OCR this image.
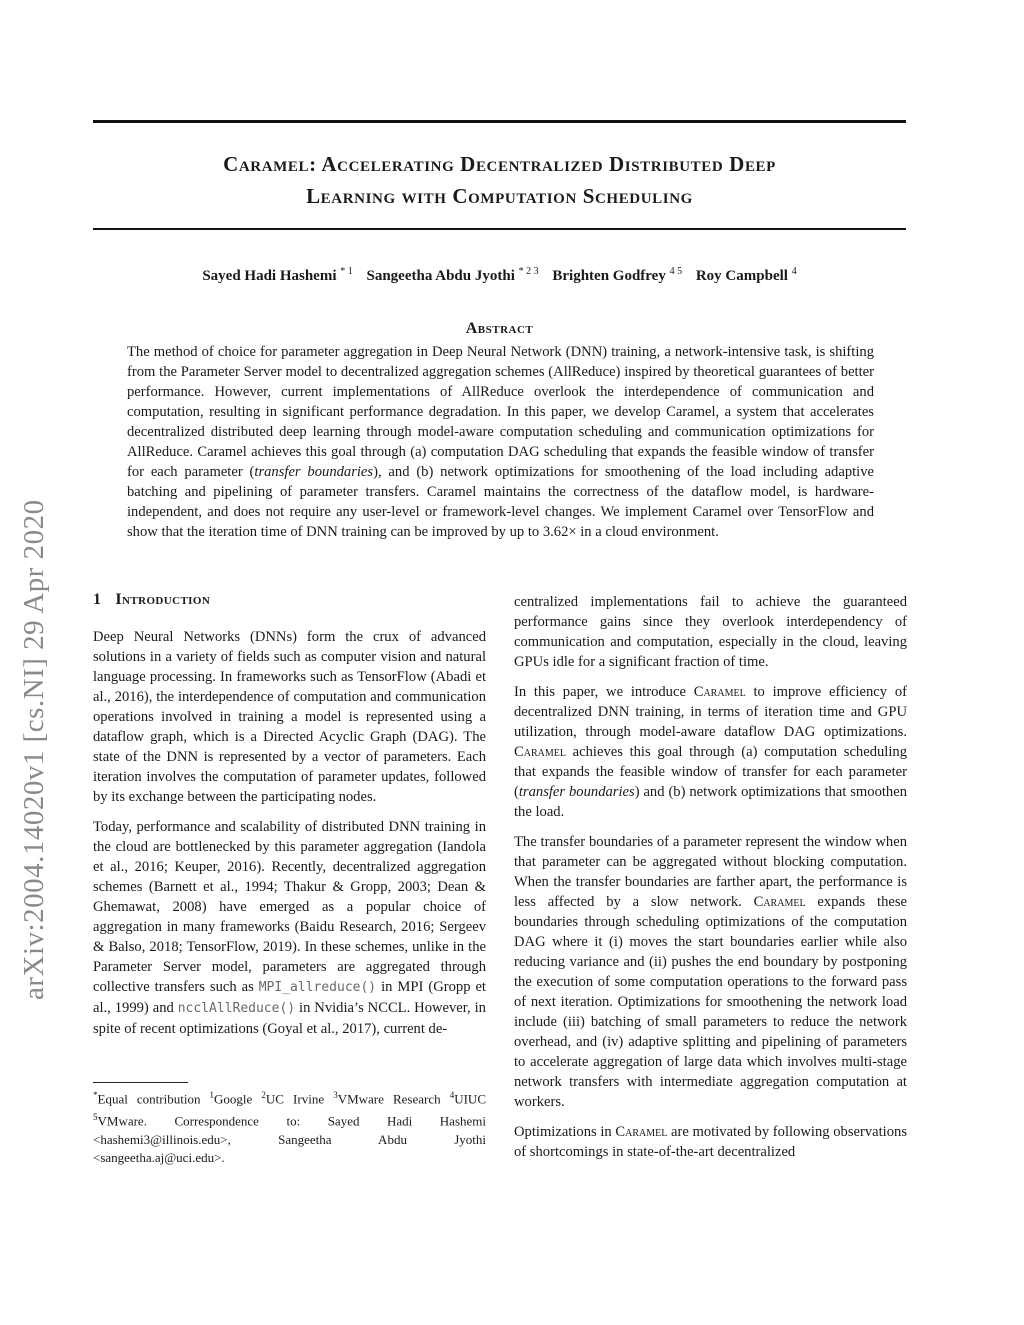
arXiv:2004.14020v1 [cs.NI] 29 Apr 2020
Caramel: Accelerating Decentralized Distributed Deep
Learning with Computation Scheduling
Sayed Hadi Hashemi $^{* 1}$ Sangeetha Abdu Jyothi $^{* 2 3}$ Brighten Godfrey $^{4 5}$ Roy Campbell $^4$
Abstract

The method of choice for parameter aggregation in Deep Neural Network (DNN) training, a network-intensive task, is shifting from the Parameter Server model to decentralized aggregation schemes (AllReduce) inspired by theoretical guarantees of better performance. However, current implementations of AllReduce overlook the interdependence of communication and computation, resulting in significant performance degradation. In this paper, we develop Caramel, a system that accelerates decentralized distributed deep learning through model-aware computation scheduling and communication optimizations for AllReduce. Caramel achieves this goal through (a) computation DAG scheduling that expands the feasible window of transfer for each parameter (transfer boundaries), and (b) network optimizations for smoothening of the load including adaptive batching and pipelining of parameter transfers. Caramel maintains the correctness of the dataflow model, is hardware-independent, and does not require any user-level or framework-level changes. We implement Caramel over TensorFlow and show that the iteration time of DNN training can be improved by up to 3.62× in a cloud environment.

1 Introduction

Deep Neural Networks (DNNs) form the crux of advanced solutions in a variety of fields such as computer vision and natural language processing. In frameworks such as TensorFlow (Abadi et al., 2016), the interdependence of computation and communication operations involved in training a model is represented using a dataflow graph, which is a Directed Acyclic Graph (DAG). The state of the DNN is represented by a vector of parameters. Each iteration involves the computation of parameter updates, followed by its exchange between the participating nodes.

Today, performance and scalability of distributed DNN training in the cloud are bottlenecked by this parameter aggregation (Iandola et al., 2016; Keuper, 2016). Recently, decentralized aggregation schemes (Barnett et al., 1994; Thakur & Gropp, 2003; Dean & Ghemawat, 2008) have emerged as a popular choice of aggregation in many frameworks (Baidu Research, 2016; Sergeev & Balso, 2018; TensorFlow, 2019). In these schemes, unlike in the Parameter Server model, parameters are aggregated through collective transfers such as MPI_allreduce() in MPI (Gropp et al., 1999) and ncclAllReduce() in Nvidia’s NCCL. However, in spite of recent optimizations (Goyal et al., 2017), current de-

*Equal contribution $^1$Google $^2$UC Irvine $^3$VMware Research $^4$UIUC $^5$VMware. Correspondence to: Sayed Hadi Hashemi <hashemi3@illinois.edu>, Sangeetha Abdu Jyothi <sangeetha.aj@uci.edu>.

centralized implementations fail to achieve the guaranteed performance gains since they overlook interdependency of communication and computation, especially in the cloud, leaving GPUs idle for a significant fraction of time.

In this paper, we introduce Caramel to improve efficiency of decentralized DNN training, in terms of iteration time and GPU utilization, through model-aware dataflow DAG optimizations. Caramel achieves this goal through (a) computation scheduling that expands the feasible window of transfer for each parameter (transfer boundaries) and (b) network optimizations that smoothen the load.

The transfer boundaries of a parameter represent the window when that parameter can be aggregated without blocking computation. When the transfer boundaries are farther apart, the performance is less affected by a slow network. Caramel expands these boundaries through scheduling optimizations of the computation DAG where it (i) moves the start boundaries earlier while also reducing variance and (ii) pushes the end boundary by postponing the execution of some computation operations to the forward pass of next iteration. Optimizations for smoothening the network load include (iii) batching of small parameters to reduce the network overhead, and (iv) adaptive splitting and pipelining of parameters to accelerate aggregation of large data which involves multi-stage network transfers with intermediate aggregation computation at workers.

Optimizations in Caramel are motivated by following observations of shortcomings in state-of-the-art decentralized
